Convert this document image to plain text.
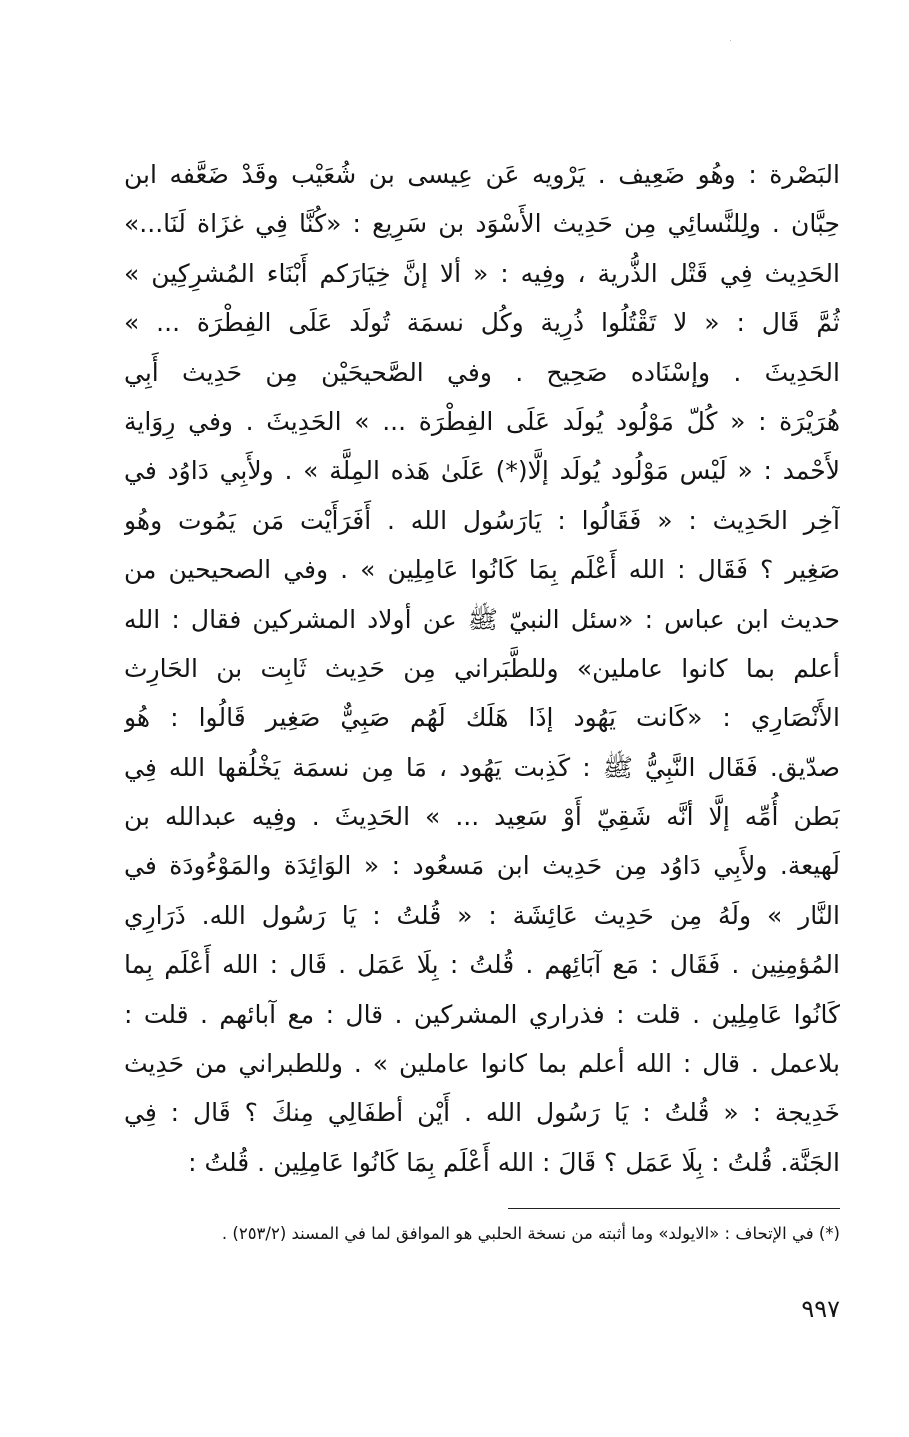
البَصْرة : وهُو ضَعِيف . يَرْويه عَن عِيسى بن شُعَيْب وقَدْ ضَعَّفه ابن
حِبَّان . ولِلنَّسائِي مِن حَدِيث الأَسْوَد بن سَرِيع : «كُنَّا فِي غزَاة لَنَا...»
الحَدِيث فِي قَتْل الذُّرية ، وفِيه : « ألا إنَّ خِيَارَكم أَبْنَاء المُشرِكِين »
ثُمَّ قَال : « لا تَقْتُلُوا ذُرِية وكُل نسمَة تُولَد عَلَى الفِطْرَة ... »
الحَدِيثَ . وإسْنَاده صَحِيح . وفي الصَّحيحَيْن مِن حَدِيث أَبِي
هُرَيْرَة : « كُلّ مَوْلُود يُولَد عَلَى الفِطْرَة ... » الحَدِيثَ . وفي رِوَاية
لأَحْمد : « لَيْس مَوْلُود يُولَد إلَّا(*) عَلَىٰ هَذه المِلَّة » . ولأَبِي دَاوُد في
آخِر الحَدِيث : « فَقَالُوا : يَارَسُول الله . أَفَرَأَيْت مَن يَمُوت وهُو
صَغِير ؟ فَقَال : الله أَعْلَم بِمَا كَانُوا عَامِلِين » . وفي الصحيحين من
حديث ابن عباس : «سئل النبيّ ﷺ عن أولاد المشركين فقال : الله
أعلم بما كانوا عاملين» وللطَّبَراني مِن حَدِيث ثَابِت بن الحَارِث
الأَنْصَارِي : «كَانت يَهُود إذَا هَلَك لَهُم صَبِيٌّ صَغِير قَالُوا : هُو
صدّيق. فَقَال النَّبِيُّ ﷺ : كَذِبت يَهُود ، مَا مِن نسمَة يَخْلُقها الله فِي
بَطن أُمِّه إلَّا أنَّه شَقِيّ أَوْ سَعِيد ... » الحَدِيثَ . وفِيه عبدالله بن
لَهيعة. ولأَبِي دَاوُد مِن حَدِيث ابن مَسعُود : « الوَائِدَة والمَوْءُودَة في
النَّار » ولَهُ مِن حَدِيث عَائِشَة : « قُلتُ : يَا رَسُول الله. ذَرَارِي
المُؤمِنِين . فَقَال : مَع آبَائِهم . قُلتُ : بِلَا عَمَل . قَال : الله أَعْلَم بِما
كَانُوا عَامِلِين . قلت : فذراري المشركين . قال : مع آبائهم . قلت :
بلاعمل . قال : الله أعلم بما كانوا عاملين » . وللطبراني من حَدِيث
خَدِيجة : « قُلتُ : يَا رَسُول الله . أَيْن أطفَالِي مِنكَ ؟ قَال : فِي
الجَنَّة. قُلتُ : بِلَا عَمَل ؟ قَالَ : الله أَعْلَم بِمَا كَانُوا عَامِلِين . قُلتُ :
(*) في الإتحاف : «الايولد» وما أثبته من نسخة الحلبي هو الموافق لما في المسند (٢٥٣/٢) .
٩٩٧
